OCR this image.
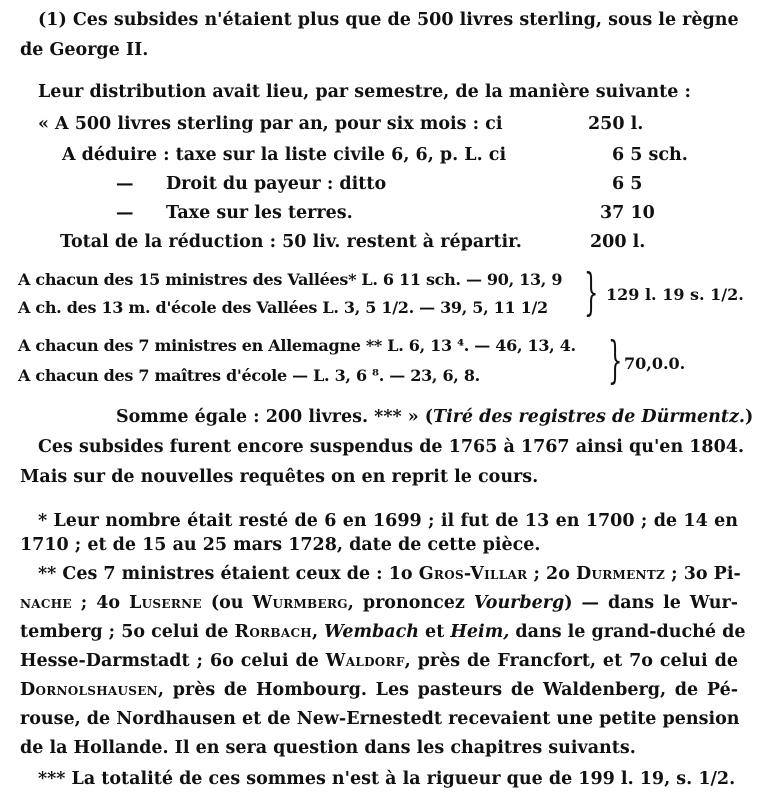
(1) Ces subsides n'étaient plus que de 500 livres sterling, sous le règne
de George II.
Leur distribution avait lieu, par semestre, de la manière suivante :
« A 500 livres sterling par an, pour six mois : ci	250 l.
A déduire : taxe sur la liste civile 6, 6, p. L. ci	6 5 sch.
— Droit du payeur : ditto	6 5
— Taxe sur les terres.	37 10
Total de la réduction : 50 liv. restent à répartir.	200 l.
A chacun des 15 ministres des Vallées* L. 6 11 sch. — 90, 13, 9
A ch. des 13 m. d'école des Vallées L. 3, 5 1/2. — 39, 5, 11 1/2 } 129 l. 19 s. 1/2.
A chacun des 7 ministres en Allemagne ** L. 6, 13 ⁴. — 46, 13, 4.
A chacun des 7 maîtres d'école — L. 3, 6 ⁸. — 23, 6, 8.	} 70,0.0.
Somme égale : 200 livres. *** » (Tiré des registres de Dürmentz.)
Ces subsides furent encore suspendus de 1765 à 1767 ainsi qu'en 1804.
Mais sur de nouvelles requêtes on en reprit le cours.
* Leur nombre était resté de 6 en 1699 ; il fut de 13 en 1700 ; de 14 en
1710 ; et de 15 au 25 mars 1728, date de cette pièce.
** Ces 7 ministres étaient ceux de : 1o Gros-Villar ; 2o Durmentz ; 3o Pi-
nache ; 4o Luserne (ou Wurmberg, prononcez Vourberg) — dans le Wur-
temberg ; 5o celui de Rorbach, Wembach et Heim, dans le grand-duché de
Hesse-Darmstadt ; 6o celui de Waldorf, près de Francfort, et 7o celui de
Dornolshausen, près de Hombourg. Les pasteurs de Waldenberg, de Pé-
rouse, de Nordhausen et de New-Ernestedt recevaient une petite pension
de la Hollande. Il en sera question dans les chapitres suivants.
*** La totalité de ces sommes n'est à la rigueur que de 199 l. 19, s. 1/2.
